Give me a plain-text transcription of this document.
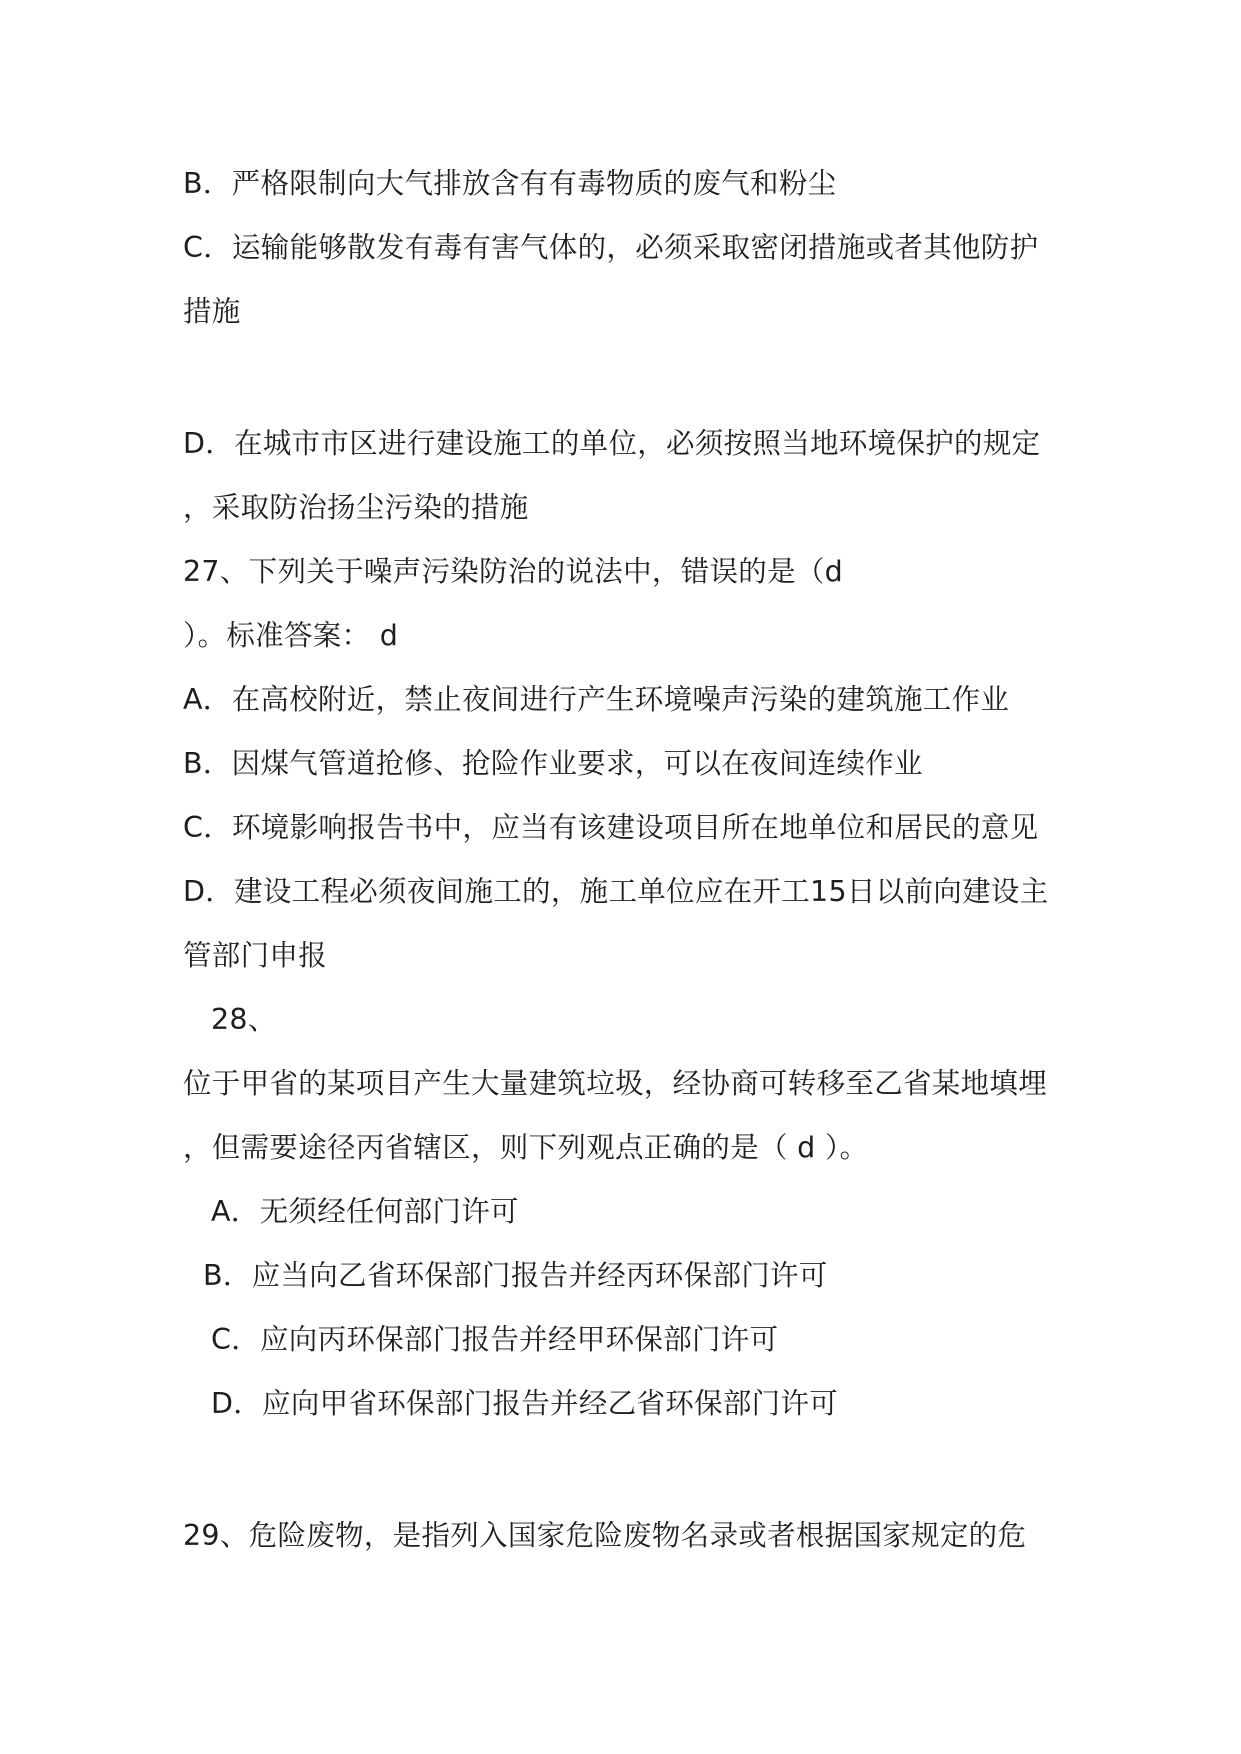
B．严格限制向大气排放含有有毒物质的废气和粉尘
C．运输能够散发有毒有害气体的，必须采取密闭措施或者其他防护
措施
D．在城市市区进行建设施工的单位，必须按照当地环境保护的规定
，采取防治扬尘污染的措施
27、下列关于噪声污染防治的说法中，错误的是（d
）。标准答案： d
A．在高校附近，禁止夜间进行产生环境噪声污染的建筑施工作业
B．因煤气管道抢修、抢险作业要求，可以在夜间连续作业
C．环境影响报告书中，应当有该建设项目所在地单位和居民的意见
D．建设工程必须夜间施工的，施工单位应在开工15日以前向建设主
管部门申报
28、
位于甲省的某项目产生大量建筑垃圾，经协商可转移至乙省某地填埋
，但需要途径丙省辖区，则下列观点正确的是（ d ）。
A．无须经任何部门许可
B．应当向乙省环保部门报告并经丙环保部门许可
C．应向丙环保部门报告并经甲环保部门许可
D．应向甲省环保部门报告并经乙省环保部门许可
29、危险废物，是指列入国家危险废物名录或者根据国家规定的危
